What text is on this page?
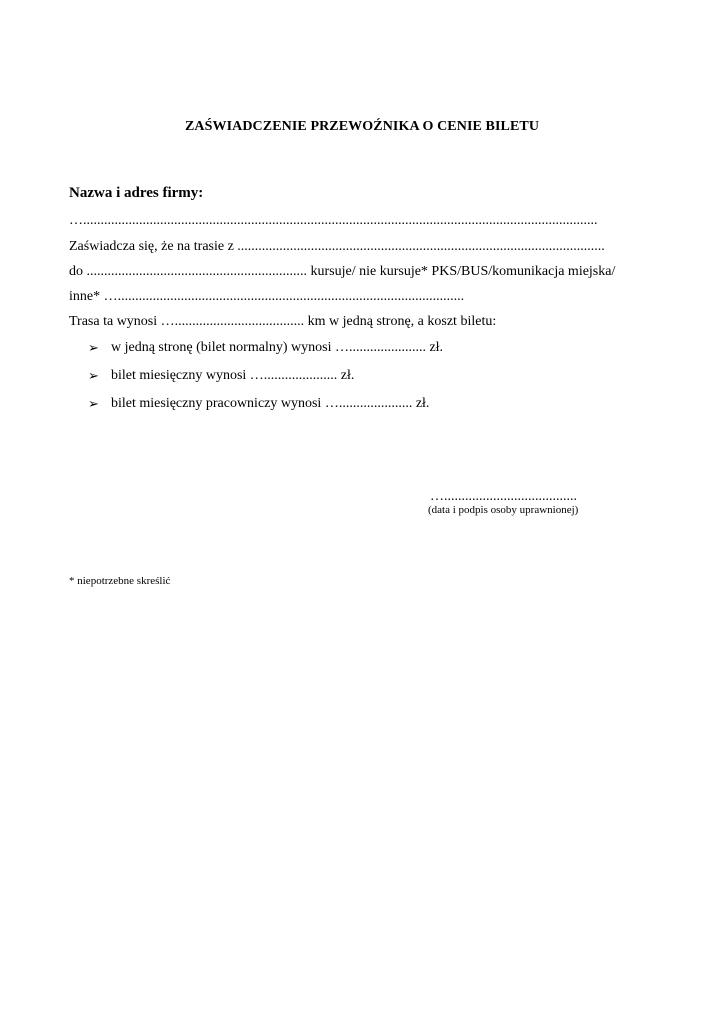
ZAŚWIADCZENIE PRZEWOŹNIKA O CENIE BILETU
Nazwa i adres firmy:
…...................................................................................................................................................
Zaświadcza się, że na trasie z .........................................................................................................
do ............................................................... kursuje/ nie kursuje* PKS/BUS/komunikacja miejska/
inne* …...................................................................................................
Trasa ta wynosi …..................................... km w jedną stronę, a koszt biletu:
➢ w jedną stronę (bilet normalny) wynosi …...................... zł.
➢ bilet miesięczny wynosi …..................... zł.
➢ bilet miesięczny pracowniczy wynosi …..................... zł.
…......................................
(data i podpis osoby uprawnionej)
* niepotrzebne skreślić
